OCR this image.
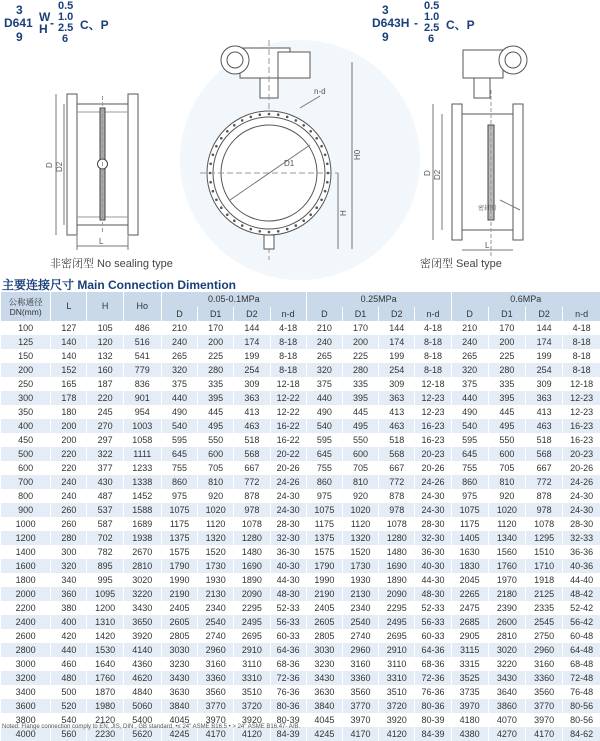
3
D641
9
W
H -
0.5
1.0
2.5
6
C、P
3
D643H
9
-
0.5
1.0
2.5
6
C、P
D D2
L
D1
n-d
H0
H
D D2
L
密封圈
非密闭型 No sealing type	密闭型 Seal type
主要连接尺寸 Main Connection Dimention
公称通径
DN(mm)	L	H	Ho	0.05-0.1MPa				0.25MPa				0.6MPa			
				D	D1	D2	n-d	D	D1	D2	n-d	D	D1	D2	n-d
100	127	105	486	210	170	144	4-18	210	170	144	4-18	210	170	144	4-18
125	140	120	516	240	200	174	8-18	240	200	174	8-18	240	200	174	8-18
150	140	132	541	265	225	199	8-18	265	225	199	8-18	265	225	199	8-18
200	152	160	779	320	280	254	8-18	320	280	254	8-18	320	280	254	8-18
250	165	187	836	375	335	309	12-18	375	335	309	12-18	375	335	309	12-18
300	178	220	901	440	395	363	12-22	440	395	363	12-23	440	395	363	12-23
350	180	245	954	490	445	413	12-22	490	445	413	12-23	490	445	413	12-23
400	200	270	1003	540	495	463	16-22	540	495	463	16-23	540	495	463	16-23
450	200	297	1058	595	550	518	16-22	595	550	518	16-23	595	550	518	16-23
500	220	322	1111	645	600	568	20-22	645	600	568	20-23	645	600	568	20-23
600	220	377	1233	755	705	667	20-26	755	705	667	20-26	755	705	667	20-26
700	240	430	1338	860	810	772	24-26	860	810	772	24-26	860	810	772	24-26
800	240	487	1452	975	920	878	24-30	975	920	878	24-30	975	920	878	24-30
900	260	537	1588	1075	1020	978	24-30	1075	1020	978	24-30	1075	1020	978	24-30
1000	260	587	1689	1175	1120	1078	28-30	1175	1120	1078	28-30	1175	1120	1078	28-30
1200	280	702	1938	1375	1320	1280	32-30	1375	1320	1280	32-30	1405	1340	1295	32-33
1400	300	782	2670	1575	1520	1480	36-30	1575	1520	1480	36-30	1630	1560	1510	36-36
1600	320	895	2810	1790	1730	1690	40-30	1790	1730	1690	40-30	1830	1760	1710	40-36
1800	340	995	3020	1990	1930	1890	44-30	1990	1930	1890	44-30	2045	1970	1918	44-40
2000	360	1095	3220	2190	2130	2090	48-30	2190	2130	2090	48-30	2265	2180	2125	48-42
2200	380	1200	3430	2405	2340	2295	52-33	2405	2340	2295	52-33	2475	2390	2335	52-42
2400	400	1310	3650	2605	2540	2495	56-33	2605	2540	2495	56-33	2685	2600	2545	56-42
2600	420	1420	3920	2805	2740	2695	60-33	2805	2740	2695	60-33	2905	2810	2750	60-48
2800	440	1530	4140	3030	2960	2910	64-36	3030	2960	2910	64-36	3115	3020	2960	64-48
3000	460	1640	4360	3230	3160	3110	68-36	3230	3160	3110	68-36	3315	3220	3160	68-48
3200	480	1760	4620	3430	3360	3310	72-36	3430	3360	3310	72-36	3525	3430	3360	72-48
3400	500	1870	4840	3630	3560	3510	76-36	3630	3560	3510	76-36	3735	3640	3560	76-48
3600	520	1980	5060	3840	3770	3720	80-36	3840	3770	3720	80-36	3970	3860	3770	80-56
3800	540	2120	5400	4045	3970	3920	80-39	4045	3970	3920	80-39	4180	4070	3970	80-56
4000	560	2230	5620	4245	4170	4120	84-39	4245	4170	4120	84-39	4380	4270	4170	84-62
Noted: Flange connection comply to EN, JIS, DIN , GB standard, •≤ 24" ASME B16.5 • > 24" ASME B16.47- A/B.
